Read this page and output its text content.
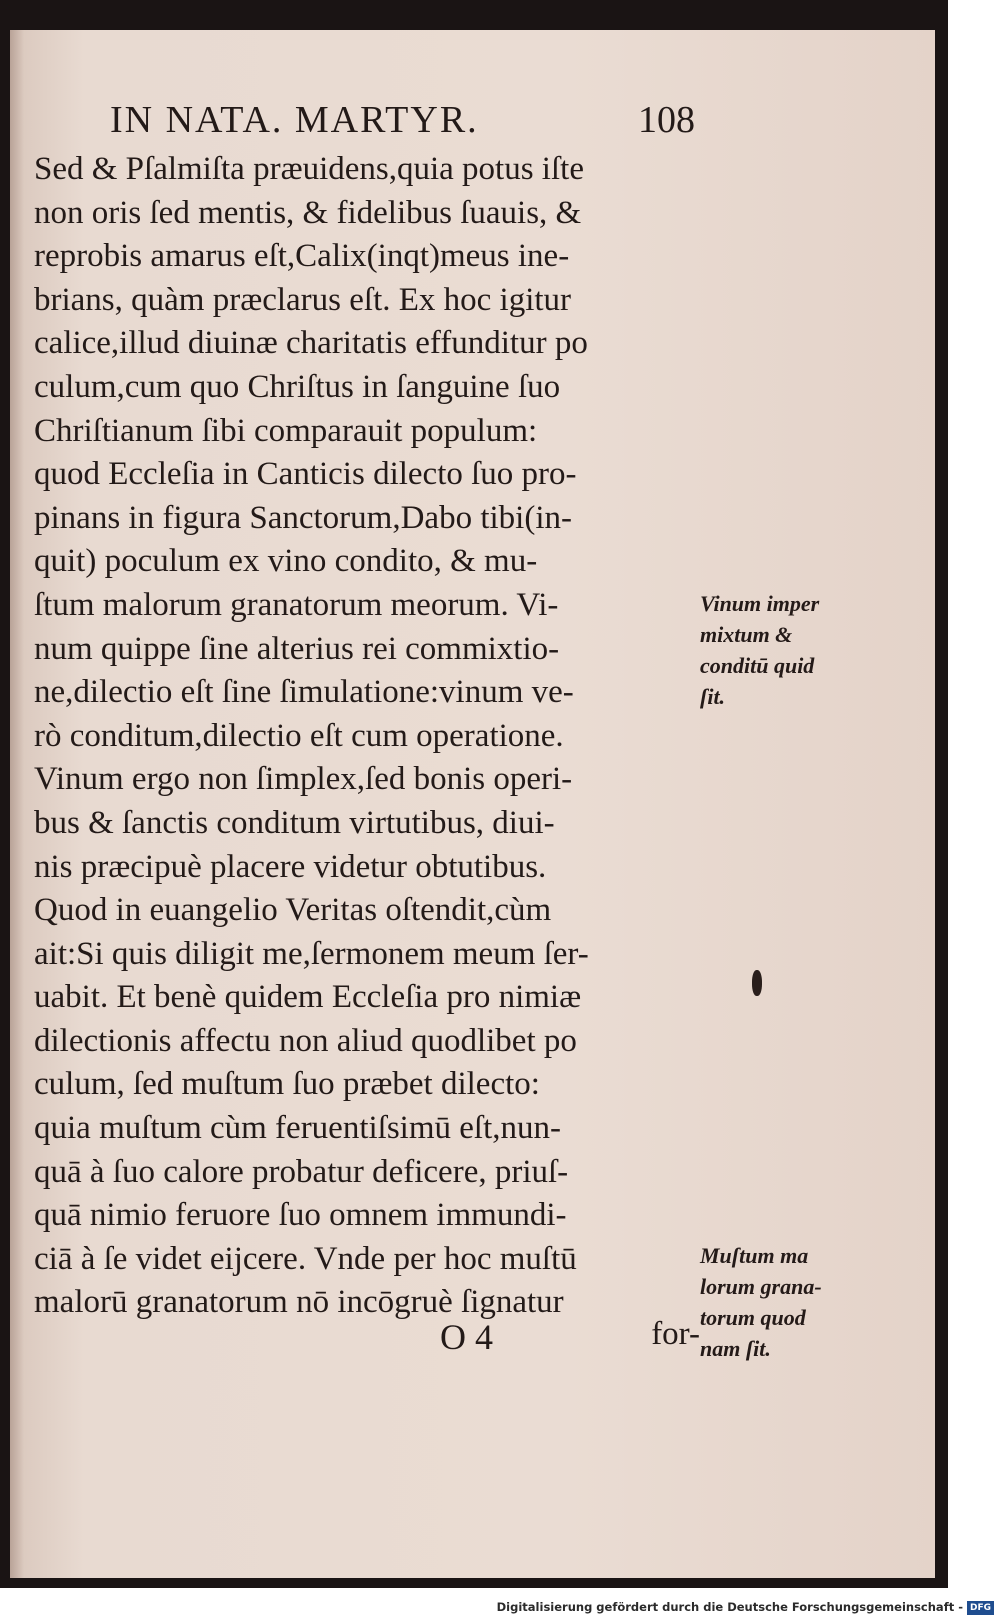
IN NATA. MARTYR.	108
Sed & Pſalmiſta præuidens,quia potus iſte
non oris ſed mentis, & fidelibus ſuauis, &
reprobis amarus eſt,Calix(inqt)meus ine-
brians, quàm præclarus eſt. Ex hoc igitur
calice,illud diuinæ charitatis effunditur po
culum,cum quo Chriſtus in ſanguine ſuo
Chriſtianum ſibi comparauit populum:
quod Eccleſia in Canticis dilecto ſuo pro-
pinans in figura Sanctorum,Dabo tibi(in-
quit) poculum ex vino condito, & mu-
ſtum malorum granatorum meorum. Vi-
num quippe ſine alterius rei commixtio-
ne,dilectio eſt ſine ſimulatione:vinum ve-
rò conditum,dilectio eſt cum operatione.
Vinum ergo non ſimplex,ſed bonis operi-
bus & ſanctis conditum virtutibus, diui-
nis præcipuè placere videtur obtutibus.
Quod in euangelio Veritas oſtendit,cùm
ait:Si quis diligit me,ſermonem meum ſer-
uabit. Et benè quidem Eccleſia pro nimiæ
dilectionis affectu non aliud quodlibet po
culum, ſed muſtum ſuo præbet dilecto:
quia muſtum cùm feruentiſsimū eſt,nun-
quā à ſuo calore probatur deficere, priuſ-
quā nimio feruore ſuo omnem immundi-
ciā à ſe videt eijcere. Vnde per hoc muſtū
malorū granatorum nō incōgruè ſignatur
Vinum imper
mixtum &
conditū quid
ſit.
Muſtum ma
lorum grana-
torum quod
nam ſit.
O 4	for-
Digitalisierung gefördert durch die Deutsche Forschungsgemeinschaft - DFG
